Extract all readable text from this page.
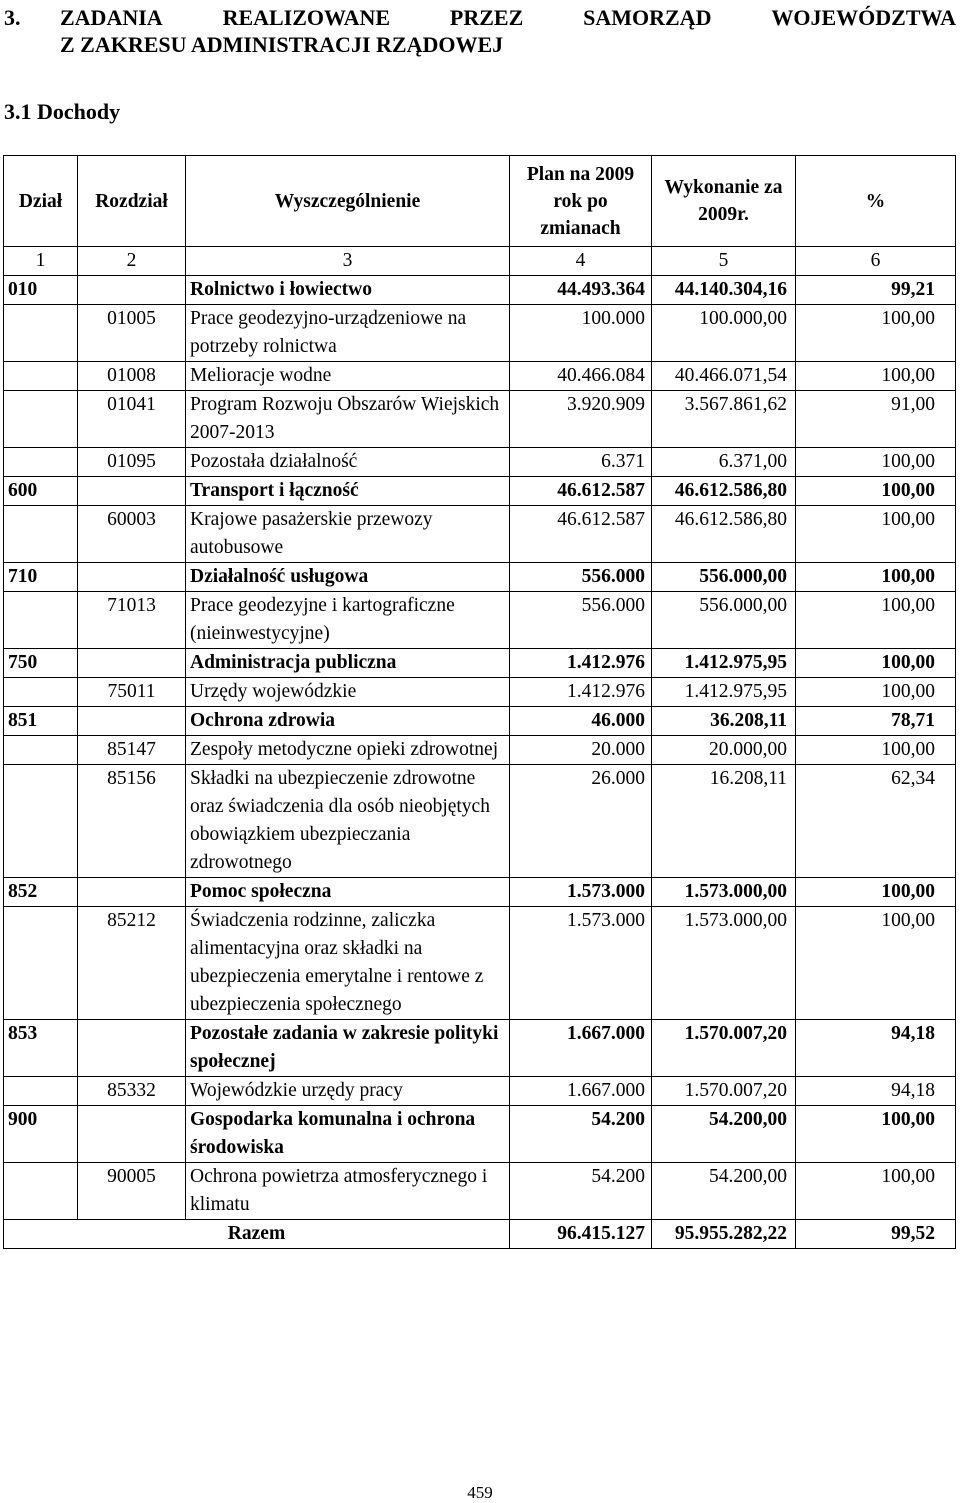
3.	ZADANIA	REALIZOWANE	PRZEZ	SAMORZĄD	WOJEWÓDZTWA
Z ZAKRESU ADMINISTRACJI RZĄDOWEJ
3.1 Dochody
Dział	Rozdział	Wyszczególnienie	Plan na 2009 rok po zmianach	Wykonanie za 2009r.	%
1	2	3	4	5	6
010		Rolnictwo i łowiectwo	44.493.364	44.140.304,16	99,21
	01005	Prace geodezyjno-urządzeniowe na potrzeby rolnictwa	100.000	100.000,00	100,00
	01008	Melioracje wodne	40.466.084	40.466.071,54	100,00
	01041	Program Rozwoju Obszarów Wiejskich 2007-2013	3.920.909	3.567.861,62	91,00
	01095	Pozostała działalność	6.371	6.371,00	100,00
600		Transport i łączność	46.612.587	46.612.586,80	100,00
	60003	Krajowe pasażerskie przewozy autobusowe	46.612.587	46.612.586,80	100,00
710		Działalność usługowa	556.000	556.000,00	100,00
	71013	Prace geodezyjne i kartograficzne (nieinwestycyjne)	556.000	556.000,00	100,00
750		Administracja publiczna	1.412.976	1.412.975,95	100,00
	75011	Urzędy wojewódzkie	1.412.976	1.412.975,95	100,00
851		Ochrona zdrowia	46.000	36.208,11	78,71
	85147	Zespoły metodyczne opieki zdrowotnej	20.000	20.000,00	100,00
	85156	Składki na ubezpieczenie zdrowotne oraz świadczenia dla osób nieobjętych obowiązkiem ubezpieczania zdrowotnego	26.000	16.208,11	62,34
852		Pomoc społeczna	1.573.000	1.573.000,00	100,00
	85212	Świadczenia rodzinne, zaliczka alimentacyjna oraz składki na ubezpieczenia emerytalne i rentowe z ubezpieczenia społecznego	1.573.000	1.573.000,00	100,00
853		Pozostałe zadania w zakresie polityki społecznej	1.667.000	1.570.007,20	94,18
	85332	Wojewódzkie urzędy pracy	1.667.000	1.570.007,20	94,18
900		Gospodarka komunalna i ochrona środowiska	54.200	54.200,00	100,00
	90005	Ochrona powietrza atmosferycznego i klimatu	54.200	54.200,00	100,00
Razem			96.415.127	95.955.282,22	99,52
459
